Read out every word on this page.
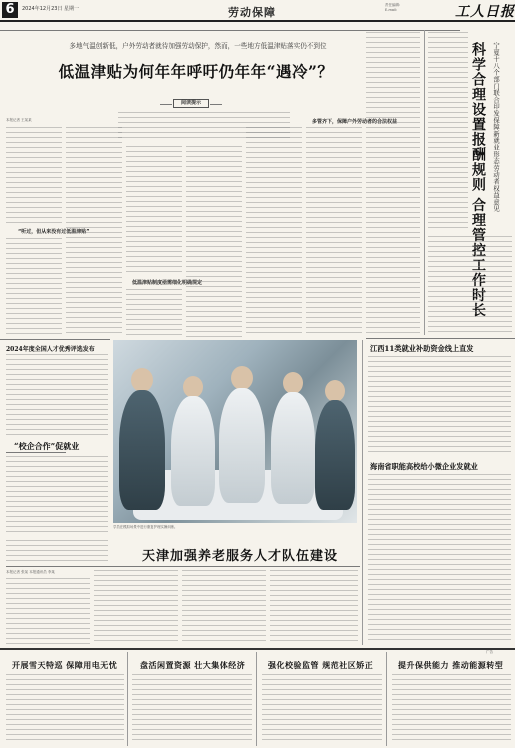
6	2024年12月23日 星期一	劳动保障
责任编辑:
E-mail:	工人日报
多地气温创新低，户外劳动者就待加强劳动保护，然而，一些地方低温津贴落实仍不到位
低温津贴为何年年呼吁仍年年“遇冷”？
阅读提示
本报记者 王某某
“听过，但从来没有过低温津贴”
低温津贴制度亟需细化明确规定
多管齐下，保障户外劳动者的合法权益	宁夏十八个部门联合印发保障新就业形态劳动者权益意见
科学合理设置报酬规则 合理管控工作时长
2024年度全国人才优秀评选发布
“校企合作”促就业
学员在模拟场景中进行康复护理实操训练。
江西11类就业补助资金线上直发
海南省职能高校给小微企业发就业
天津加强养老服务人才队伍建设
本报记者 张某 本报通讯员 李某
广告
开展雪天特巡 保障用电无忧	盘活闲置资源 壮大集体经济	强化校验监管 规范社区矫正	提升保供能力 推动能源转型
